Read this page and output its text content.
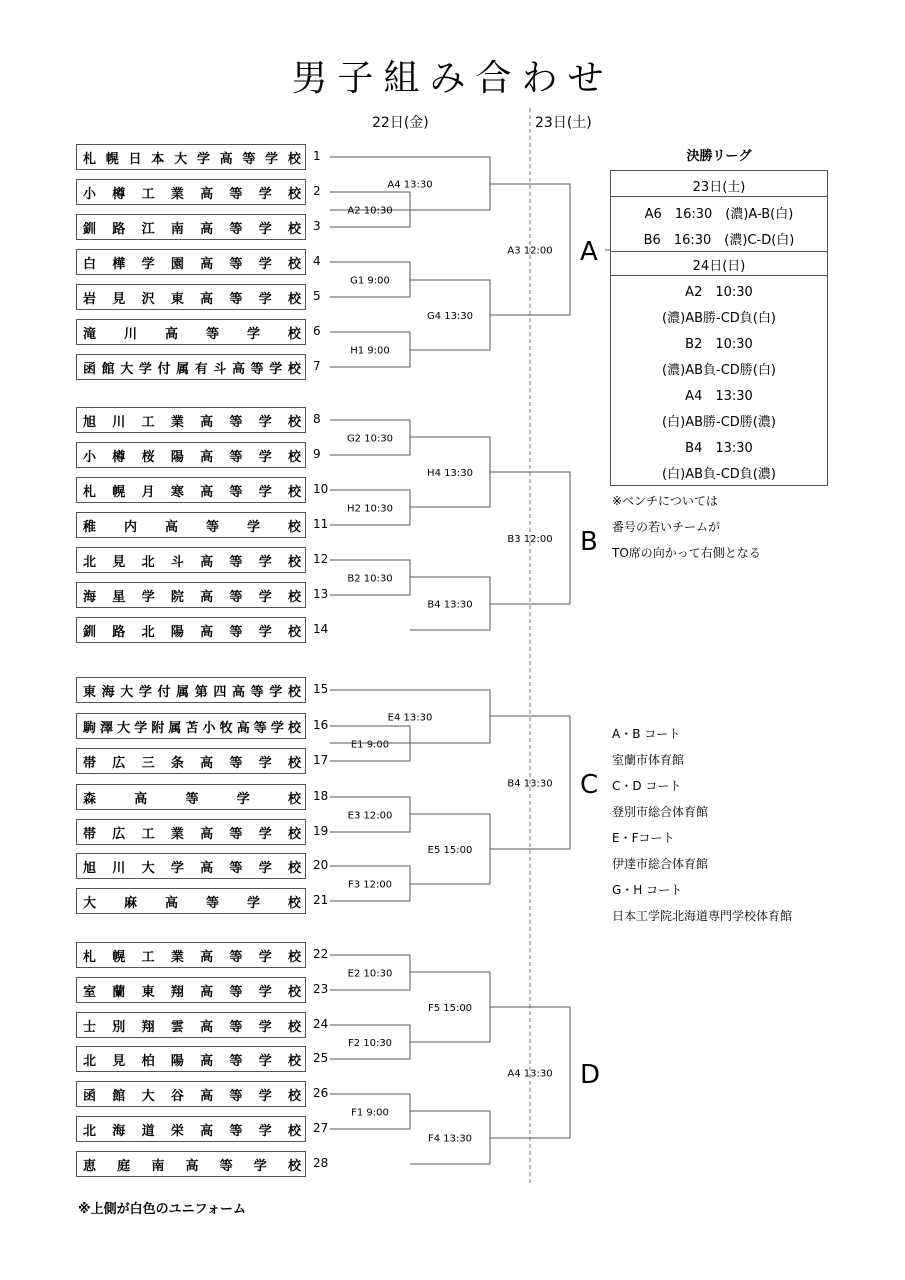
男子組み合わせ
22日(金)	23日(土)
A4 13:30
A2 10:30
G1 9:00
H1 9:00
G4 13:30
A3 12:00
G2 10:30
H2 10:30
H4 13:30
B2 10:30
B4 13:30
B3 12:00
E1 9:00
E4 13:30
E3 12:00
F3 12:00
E5 15:00
B4 13:30
E2 10:30
F2 10:30
F5 15:00
F1 9:00
F4 13:30
A4 13:30
札 幌 日 本 大 学 高 等 学 校 1
小 樽 工 業 高 等 学 校 2
釧 路 江 南 高 等 学 校 3
白 樺 学 園 高 等 学 校 4
岩 見 沢 東 高 等 学 校 5
滝 川 高 等 学 校 6
函 館 大 学 付 属 有 斗 高 等 学 校 7
旭 川 工 業 高 等 学 校 8
小 樽 桜 陽 高 等 学 校 9
札 幌 月 寒 高 等 学 校 10
稚 内 高 等 学 校 11
北 見 北 斗 高 等 学 校 12
海 星 学 院 高 等 学 校 13
釧 路 北 陽 高 等 学 校 14
東 海 大 学 付 属 第 四 高 等 学 校 15
駒 澤 大 学 附 属 苫 小 牧 高 等 学 校 16
帯 広 三 条 高 等 学 校 17
森	高	等	学	校 18
帯 広 工 業 高 等 学 校 19
旭 川 大 学 高 等 学 校 20
大 麻 高 等 学 校 21
札 幌 工 業 高 等 学 校 22
室 蘭 東 翔 高 等 学 校 23
士 別 翔 雲 高 等 学 校 24
北 見 柏 陽 高 等 学 校 25
函 館 大 谷 高 等 学 校 26
北 海 道 栄 高 等 学 校 27
恵 庭 南 高 等 学 校 28
決勝リーグ
23日(土)
A6　16:30　(濃)A-B(白)
B6　16:30　(濃)C-D(白)
24日(日)
A2　10:30
(濃)AB勝-CD負(白)
B2　10:30
(濃)AB負-CD勝(白)
A4　13:30
(白)AB勝-CD勝(濃)
B4　13:30
(白)AB負-CD負(濃)
※ベンチについては
番号の若いチームが
TO席の向かって右側となる
A・B コート
室蘭市体育館
C・D コート
登別市総合体育館
E・Fコート
伊達市総合体育館
G・H コート
日本工学院北海道専門学校体育館
※上側が白色のユニフォーム
A
B
C
D
